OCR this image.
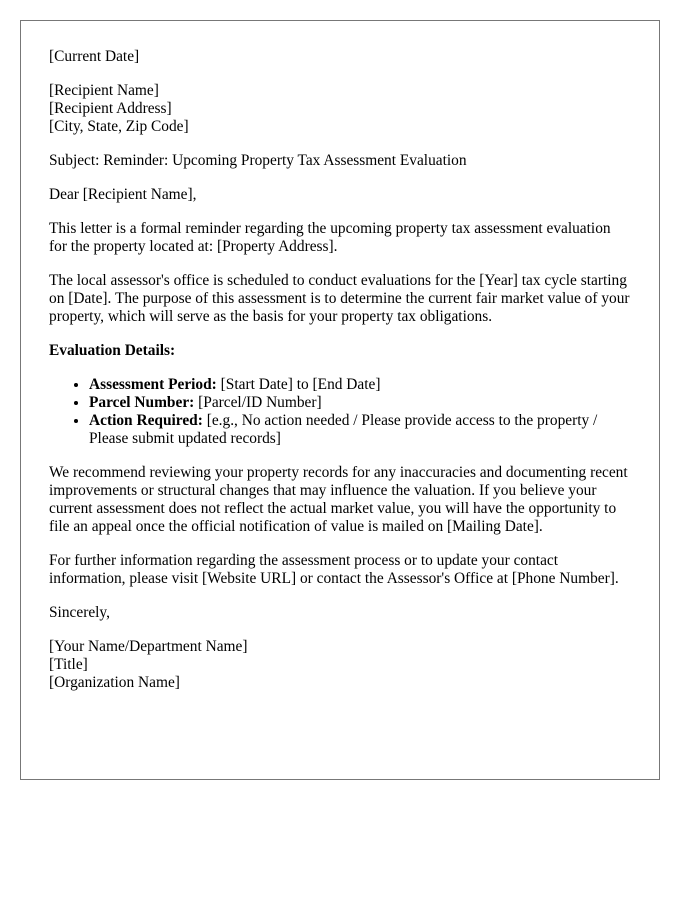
[Current Date]

[Recipient Name]
[Recipient Address]
[City, State, Zip Code]

Subject: Reminder: Upcoming Property Tax Assessment Evaluation

Dear [Recipient Name],

This letter is a formal reminder regarding the upcoming property tax assessment evaluation for the property located at: [Property Address].

The local assessor's office is scheduled to conduct evaluations for the [Year] tax cycle starting on [Date]. The purpose of this assessment is to determine the current fair market value of your property, which will serve as the basis for your property tax obligations.

Evaluation Details:

• Assessment Period: [Start Date] to [End Date]
• Parcel Number: [Parcel/ID Number]
• Action Required: [e.g., No action needed / Please provide access to the property / Please submit updated records]

We recommend reviewing your property records for any inaccuracies and documenting recent improvements or structural changes that may influence the valuation. If you believe your current assessment does not reflect the actual market value, you will have the opportunity to file an appeal once the official notification of value is mailed on [Mailing Date].

For further information regarding the assessment process or to update your contact information, please visit [Website URL] or contact the Assessor's Office at [Phone Number].

Sincerely,

[Your Name/Department Name]
[Title]
[Organization Name]
